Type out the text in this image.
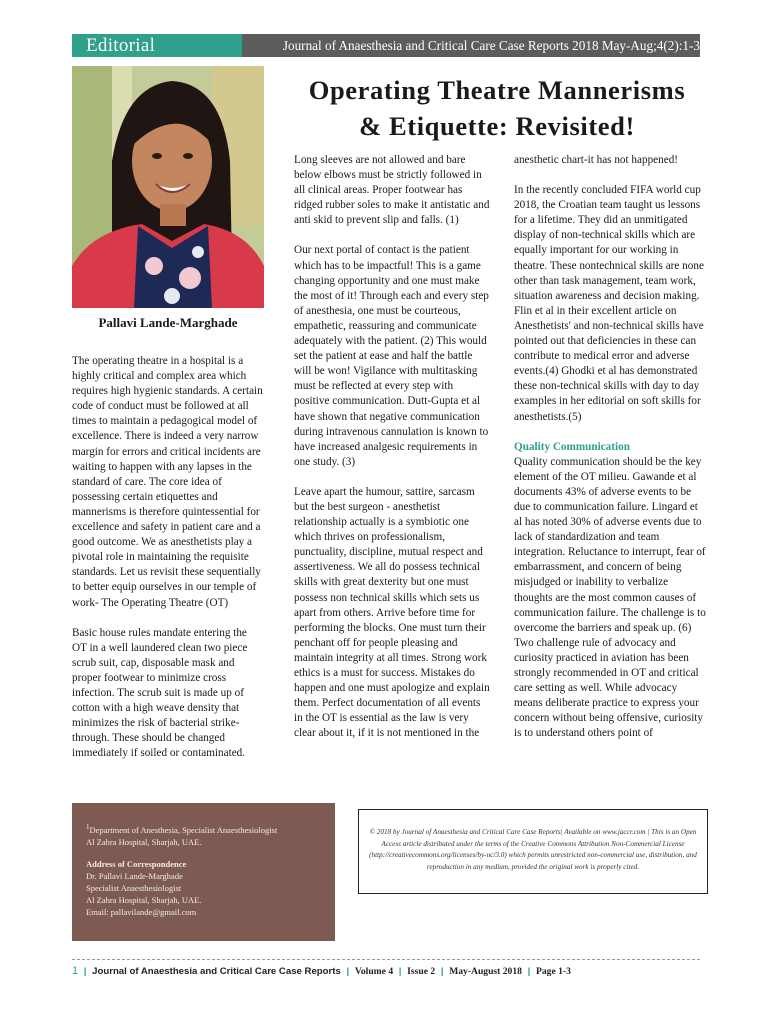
Editorial	Journal of Anaesthesia and Critical Care Case Reports 2018 May-Aug;4(2):1-3
Pallavi Lande-Marghade
Operating Theatre Mannerisms
& Etiquette: Revisited!

The operating theatre in a hospital is a highly critical and complex area which requires high hygienic standards. A certain code of conduct must be followed at all times to maintain a pedagogical model of excellence. There is indeed a very narrow margin for errors and critical incidents are waiting to happen with any lapses in the standard of care. The core idea of possessing certain etiquettes and mannerisms is therefore quintessential for excellence and safety in patient care and a good outcome. We as anesthetists play a pivotal role in maintaining the requisite standards. Let us revisit these sequentially to better equip ourselves in our temple of work- The Operating Theatre (OT)

Basic house rules mandate entering the OT in a well laundered clean two piece scrub suit, cap, disposable mask and proper footwear to minimize cross infection. The scrub suit is made up of cotton with a high weave density that minimizes the risk of bacterial strike-through. These should be changed immediately if soiled or contaminated.

Long sleeves are not allowed and bare below elbows must be strictly followed in all clinical areas. Proper footwear has ridged rubber soles to make it antistatic and anti skid to prevent slip and falls. (1)

Our next portal of contact is the patient which has to be impactful! This is a game changing opportunity and one must make the most of it! Through each and every step of anesthesia, one must be courteous, empathetic, reassuring and communicate adequately with the patient. (2) This would set the patient at ease and half the battle will be won! Vigilance with multitasking must be reflected at every step with positive communication. Dutt-Gupta et al have shown that negative communication during intravenous cannulation is known to have increased analgesic requirements in one study. (3)

Leave apart the humour, sattire, sarcasm but the best surgeon - anesthetist relationship actually is a symbiotic one which thrives on professionalism, punctuality, discipline, mutual respect and assertiveness. We all do possess technical skills with great dexterity but one must possess non technical skills which sets us apart from others. Arrive before time for performing the blocks. One must turn their penchant off for people pleasing and maintain integrity at all times. Strong work ethics is a must for success. Mistakes do happen and one must apologize and explain them. Perfect documentation of all events in the OT is essential as the law is very clear about it, if it is not mentioned in the

anesthetic chart-it has not happened!

In the recently concluded FIFA world cup 2018, the Croatian team taught us lessons for a lifetime. They did an unmitigated display of non-technical skills which are equally important for our working in theatre. These nontechnical skills are none other than task management, team work, situation awareness and decision making. Flin et al in their excellent article on Anesthetists' and non-technical skills have pointed out that deficiencies in these can contribute to medical error and adverse events.(4) Ghodki et al has demonstrated these non-technical skills with day to day examples in her editorial on soft skills for anesthetists.(5)

Quality Communication

Quality communication should be the key element of the OT milieu. Gawande et al documents 43% of adverse events to be due to communication failure. Lingard et al has noted 30% of adverse events due to lack of standardization and team integration. Reluctance to interrupt, fear of embarrassment, and concern of being misjudged or inability to verbalize thoughts are the most common causes of communication failure. The challenge is to overcome the barriers and speak up. (6) Two challenge rule of advocacy and curiosity practiced in aviation has been strongly recommended in OT and critical care setting as well. While advocacy means deliberate practice to express your concern without being offensive, curiosity is to understand others point of

$^1$Department of Anesthesia, Specialist Anaesthesiologist
Al Zahra Hospital, Sharjah, UAE.
Address of Correspondence
Dr. Pallavi Lande-Marghade
Specialist Anaesthesiologist
Al Zahra Hospital, Sharjah, UAE.
Email: pallavilande@gmail.com
© 2018 by Journal of Anaesthesia and Critical Care Case Reports| Available on www.jaccr.com | This is an Open Access article distributed under the terms of the Creative Commons Attribution Non-Commercial License (http://creativecommons.org/licenses/by-nc/3.0) which permits unrestricted non-commercial use, distribution, and reproduction in any medium, provided the original work is properly cited.
1 | Journal of Anaesthesia and Critical Care Case Reports | Volume 4 | Issue 2 | May-August 2018 | Page 1-3
